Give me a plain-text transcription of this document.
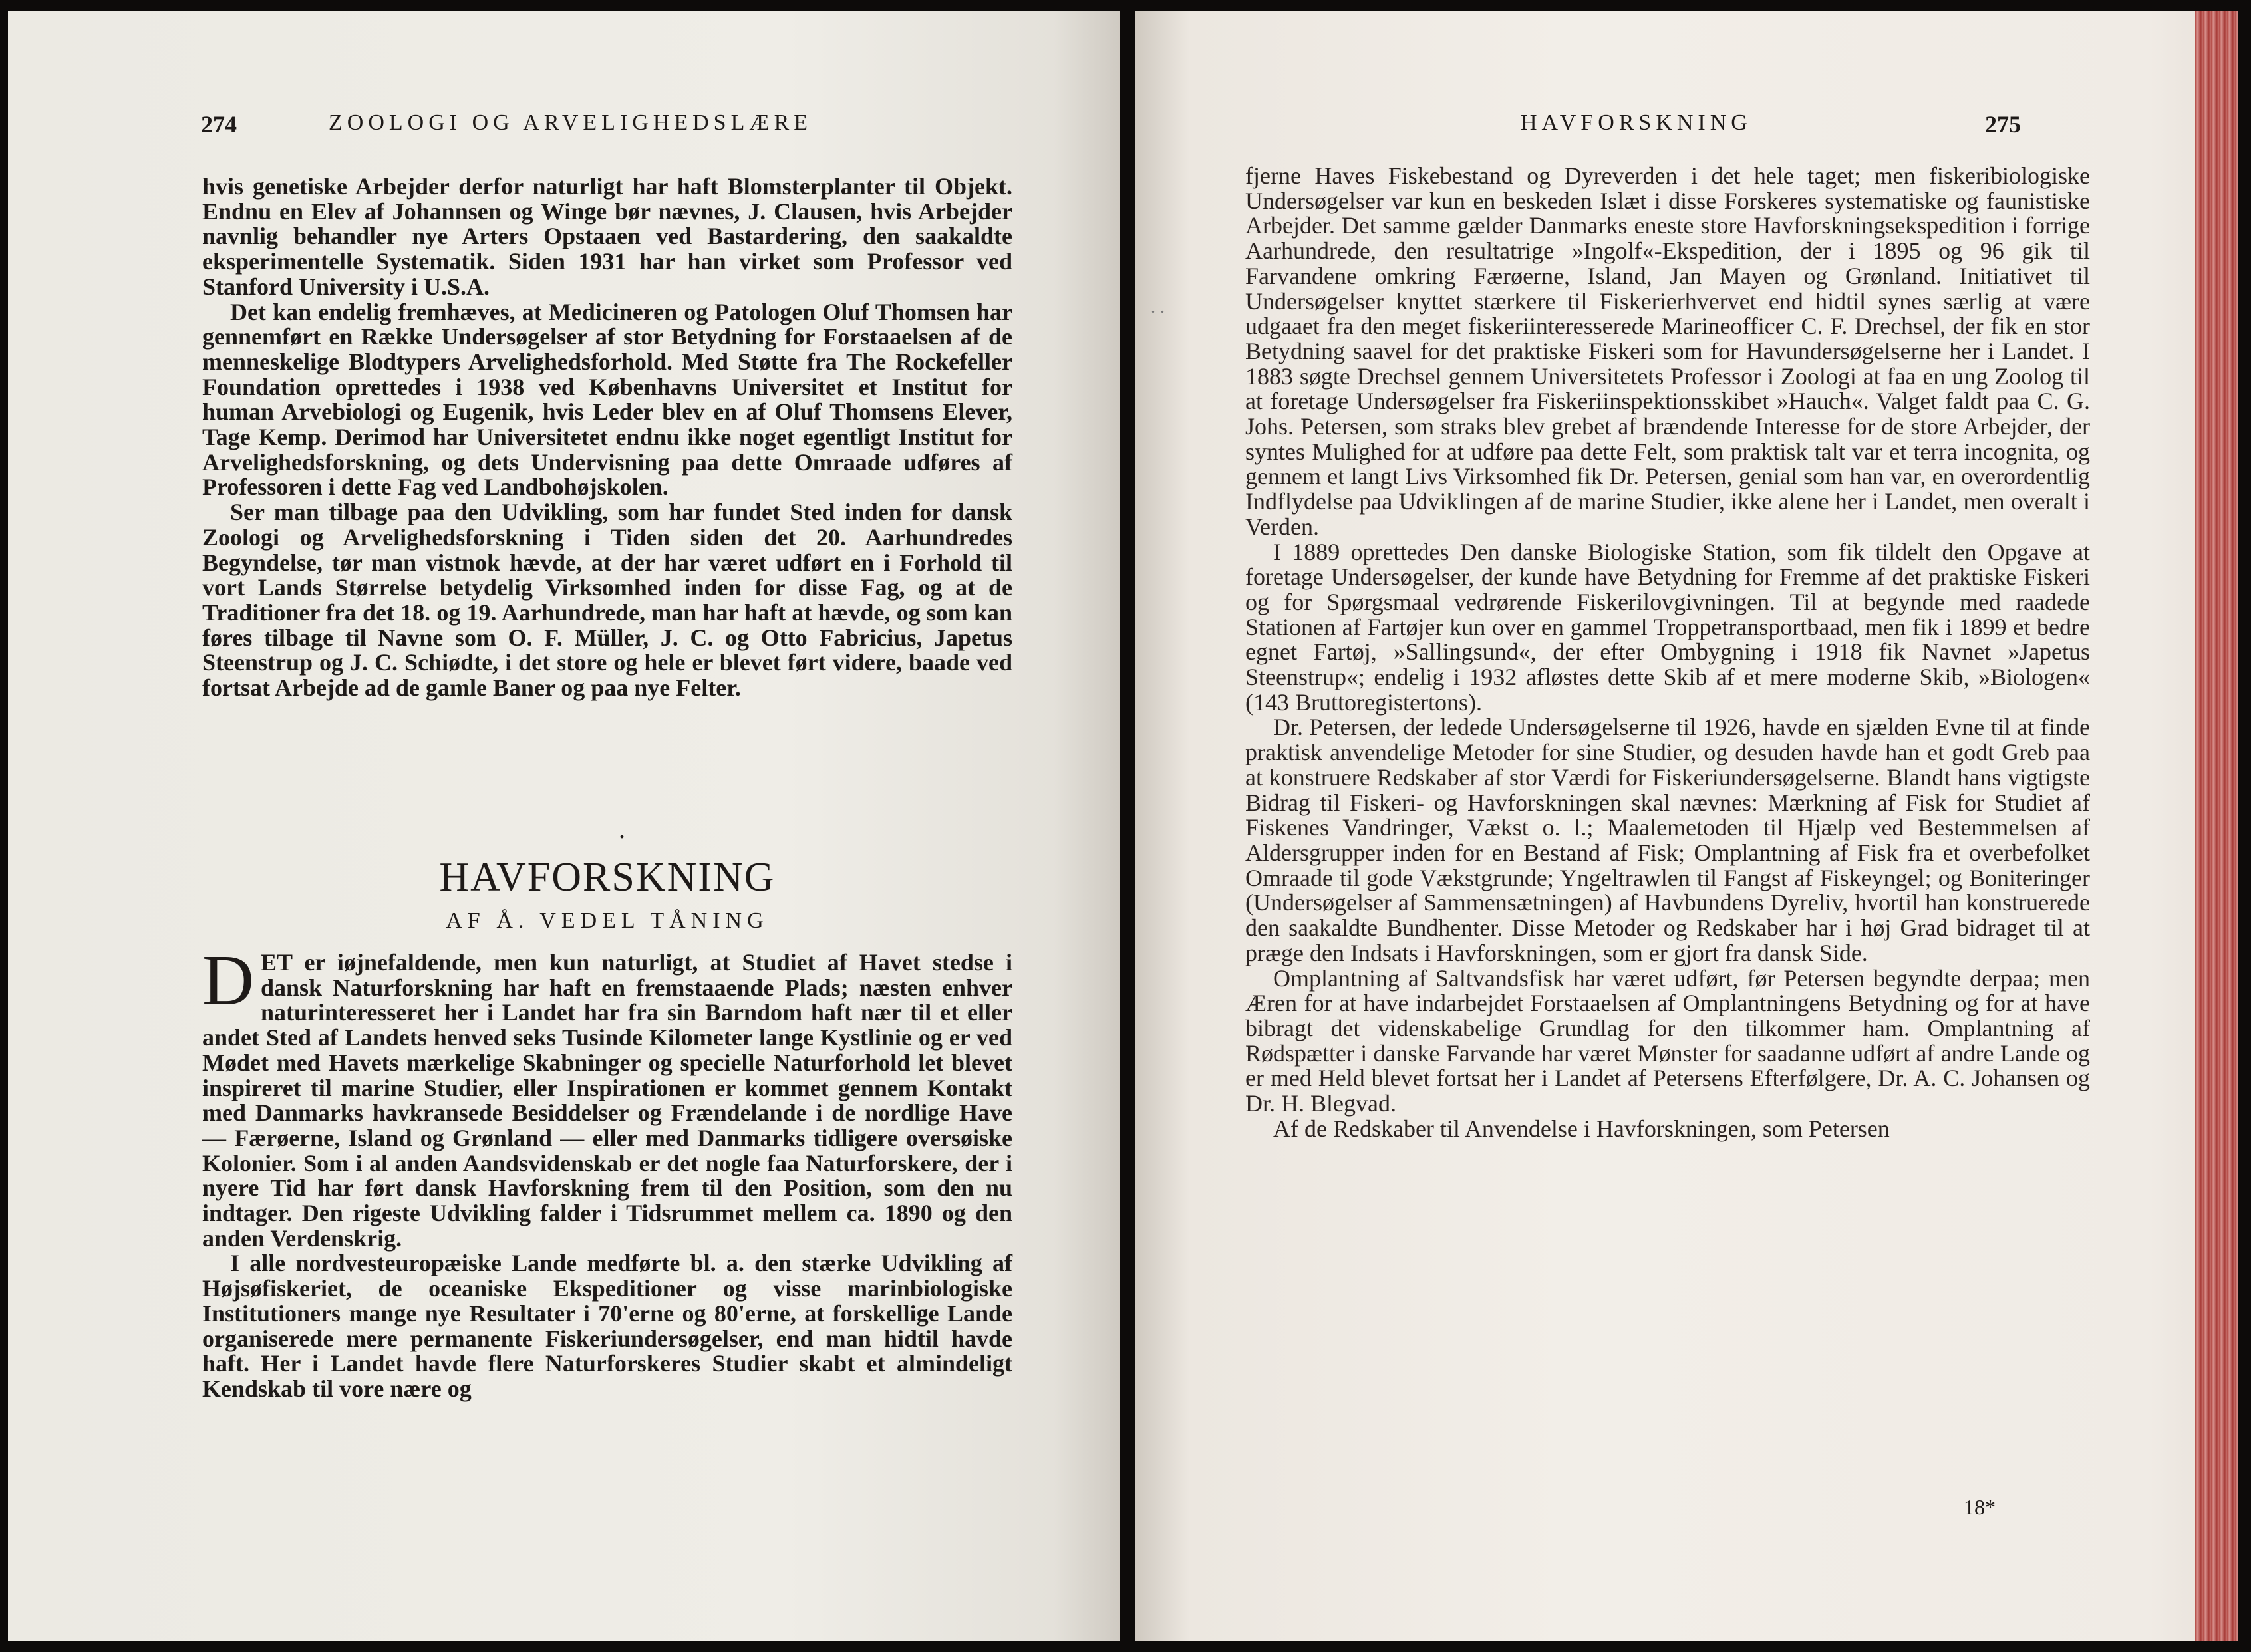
274	ZOOLOGI OG ARVELIGHEDSLÆRE

hvis genetiske Arbejder derfor naturligt har haft Blomsterplanter til Objekt. Endnu en Elev af Johannsen og Winge bør nævnes, J. Clausen, hvis Arbejder navnlig behandler nye Arters Opstaaen ved Bastardering, den saakaldte eksperimentelle Systematik. Siden 1931 har han virket som Professor ved Stanford University i U.S.A.

Det kan endelig fremhæves, at Medicineren og Patologen Oluf Thomsen har gennemført en Række Undersøgelser af stor Betydning for Forstaaelsen af de menneskelige Blodtypers Arvelighedsforhold. Med Støtte fra The Rockefeller Foundation oprettedes i 1938 ved Københavns Universitet et Institut for human Arvebiologi og Eugenik, hvis Leder blev en af Oluf Thomsens Elever, Tage Kemp. Derimod har Universitetet endnu ikke noget egentligt Institut for Arvelighedsforskning, og dets Undervisning paa dette Omraade udføres af Professoren i dette Fag ved Landbohøjskolen.

Ser man tilbage paa den Udvikling, som har fundet Sted inden for dansk Zoologi og Arvelighedsforskning i Tiden siden det 20. Aarhundredes Begyndelse, tør man vistnok hævde, at der har været udført en i Forhold til vort Lands Størrelse betydelig Virksomhed inden for disse Fag, og at de Traditioner fra det 18. og 19. Aarhundrede, man har haft at hævde, og som kan føres tilbage til Navne som O. F. Müller, J. C. og Otto Fabricius, Japetus Steenstrup og J. C. Schiødte, i det store og hele er blevet ført videre, baade ved fortsat Arbejde ad de gamle Baner og paa nye Felter.

·
HAVFORSKNING
AF Å. VEDEL TÅNING

DET er iøjnefaldende, men kun naturligt, at Studiet af Havet stedse i dansk Naturforskning har haft en fremstaaende Plads; næsten enhver naturinteresseret her i Landet har fra sin Barndom haft nær til et eller andet Sted af Landets henved seks Tusinde Kilometer lange Kystlinie og er ved Mødet med Havets mærkelige Skabninger og specielle Naturforhold let blevet inspireret til marine Studier, eller Inspirationen er kommet gennem Kontakt med Danmarks havkransede Besiddelser og Frændelande i de nordlige Have — Færøerne, Island og Grønland — eller med Danmarks tidligere oversøiske Kolonier. Som i al anden Aandsvidenskab er det nogle faa Naturforskere, der i nyere Tid har ført dansk Havforskning frem til den Position, som den nu indtager. Den rigeste Udvikling falder i Tidsrummet mellem ca. 1890 og den anden Verdenskrig.

I alle nordvesteuropæiske Lande medførte bl. a. den stærke Udvikling af Højsøfiskeriet, de oceaniske Ekspeditioner og visse marinbiologiske Institutioners mange nye Resultater i 70'erne og 80'erne, at forskellige Lande organiserede mere permanente Fiskeriundersøgelser, end man hidtil havde haft. Her i Landet havde flere Naturforskeres Studier skabt et almindeligt Kendskab til vore nære og

. .
HAVFORSKNING	275

fjerne Haves Fiskebestand og Dyreverden i det hele taget; men fiskeribiologiske Undersøgelser var kun en beskeden Islæt i disse Forskeres systematiske og faunistiske Arbejder. Det samme gælder Danmarks eneste store Havforskningsekspedition i forrige Aarhundrede, den resultatrige »Ingolf«-Ekspedition, der i 1895 og 96 gik til Farvandene omkring Færøerne, Island, Jan Mayen og Grønland. Initiativet til Undersøgelser knyttet stærkere til Fiskerierhvervet end hidtil synes særlig at være udgaaet fra den meget fiskeriinteresserede Marineofficer C. F. Drechsel, der fik en stor Betydning saavel for det praktiske Fiskeri som for Havundersøgelserne her i Landet. I 1883 søgte Drechsel gennem Universitetets Professor i Zoologi at faa en ung Zoolog til at foretage Undersøgelser fra Fiskeriinspektionsskibet »Hauch«. Valget faldt paa C. G. Johs. Petersen, som straks blev grebet af brændende Interesse for de store Arbejder, der syntes Mulighed for at udføre paa dette Felt, som praktisk talt var et terra incognita, og gennem et langt Livs Virksomhed fik Dr. Petersen, genial som han var, en overordentlig Indflydelse paa Udviklingen af de marine Studier, ikke alene her i Landet, men overalt i Verden.

I 1889 oprettedes Den danske Biologiske Station, som fik tildelt den Opgave at foretage Undersøgelser, der kunde have Betydning for Fremme af det praktiske Fiskeri og for Spørgsmaal vedrørende Fiskerilovgivningen. Til at begynde med raadede Stationen af Fartøjer kun over en gammel Troppetransportbaad, men fik i 1899 et bedre egnet Fartøj, »Sallingsund«, der efter Ombygning i 1918 fik Navnet »Japetus Steenstrup«; endelig i 1932 afløstes dette Skib af et mere moderne Skib, »Biologen« (143 Bruttoregistertons).

Dr. Petersen, der ledede Undersøgelserne til 1926, havde en sjælden Evne til at finde praktisk anvendelige Metoder for sine Studier, og desuden havde han et godt Greb paa at konstruere Redskaber af stor Værdi for Fiskeriundersøgelserne. Blandt hans vigtigste Bidrag til Fiskeri- og Havforskningen skal nævnes: Mærkning af Fisk for Studiet af Fiskenes Vandringer, Vækst o. l.; Maalemetoden til Hjælp ved Bestemmelsen af Aldersgrupper inden for en Bestand af Fisk; Omplantning af Fisk fra et overbefolket Omraade til gode Vækstgrunde; Yngeltrawlen til Fangst af Fiskeyngel; og Boniteringer (Undersøgelser af Sammensætningen) af Havbundens Dyreliv, hvortil han konstruerede den saakaldte Bundhenter. Disse Metoder og Redskaber har i høj Grad bidraget til at præge den Indsats i Havforskningen, som er gjort fra dansk Side.

Omplantning af Saltvandsfisk har været udført, før Petersen begyndte derpaa; men Æren for at have indarbejdet Forstaaelsen af Omplantningens Betydning og for at have bibragt det videnskabelige Grundlag for den tilkommer ham. Omplantning af Rødspætter i danske Farvande har været Mønster for saadanne udført af andre Lande og er med Held blevet fortsat her i Landet af Petersens Efterfølgere, Dr. A. C. Johansen og Dr. H. Blegvad.

Af de Redskaber til Anvendelse i Havforskningen, som Petersen

18*
